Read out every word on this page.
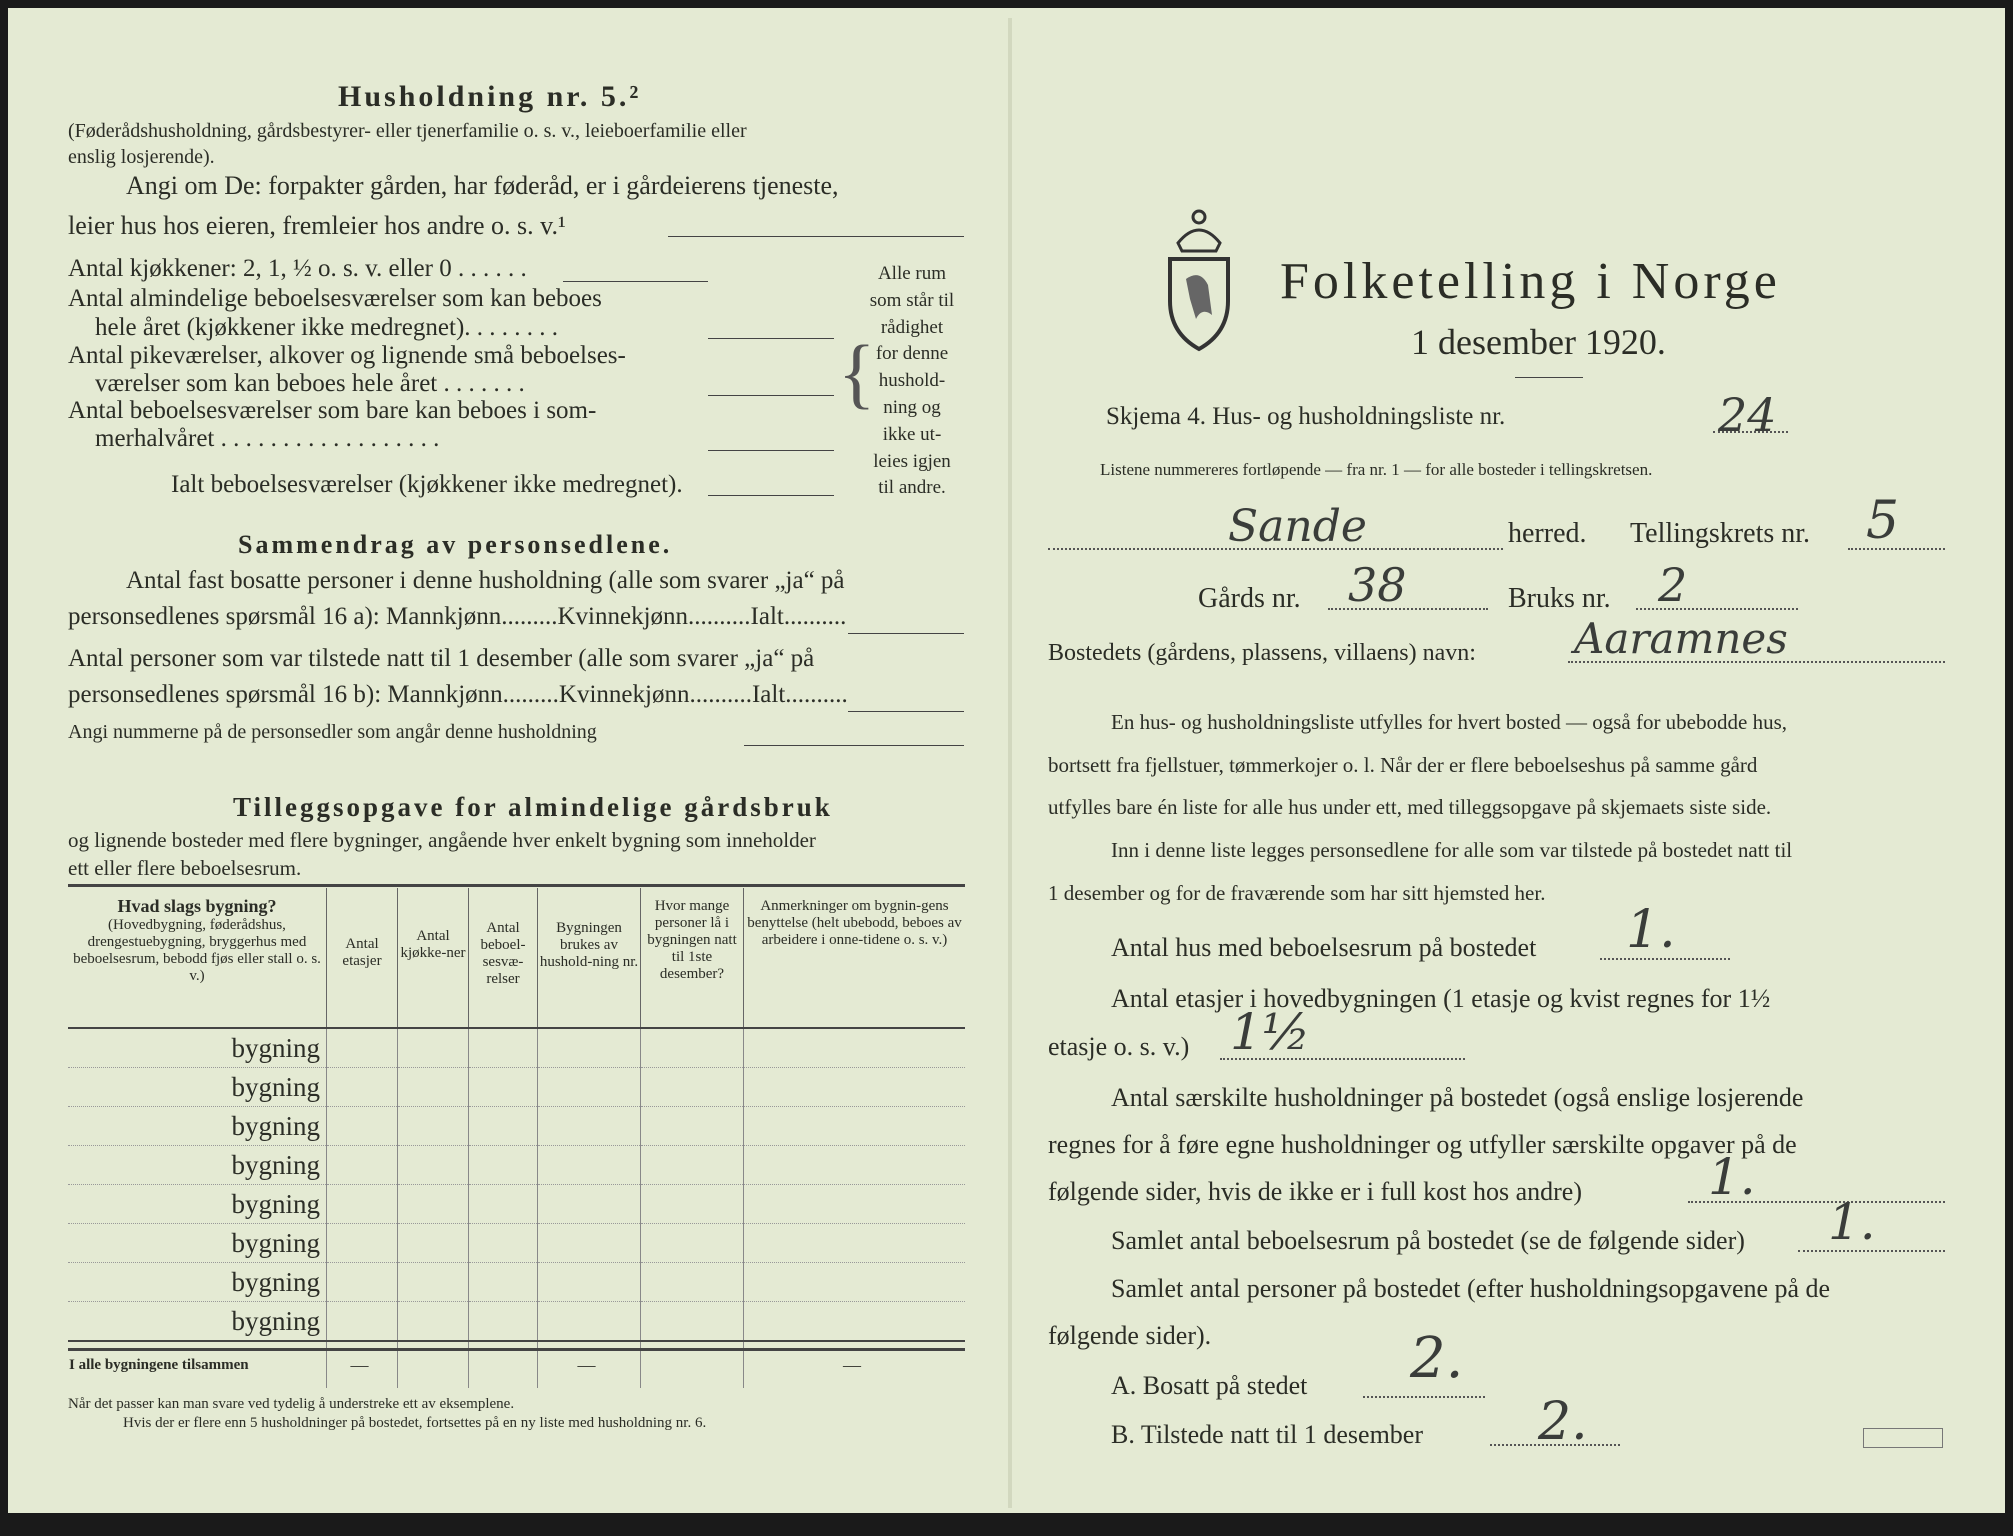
Husholdning nr. 5.²
(Føderådshusholdning, gårdsbestyrer- eller tjenerfamilie o. s. v., leieboerfamilie eller
enslig losjerende).
Angi om De: forpakter gården, har føderåd, er i gårdeierens tjeneste,
leier hus hos eieren, fremleier hos andre o. s. v.¹
Antal kjøkkener: 2, 1, ½ o. s. v. eller 0 . . . . . .
Antal almindelige beboelsesværelser som kan beboes
hele året (kjøkkener ikke medregnet). . . . . . . .
Antal pikeværelser, alkover og lignende små beboelses-
værelser som kan beboes hele året . . . . . . .
Antal beboelsesværelser som bare kan beboes i som-
merhalvåret . . . . . . . . . . . . . . . . . .
Ialt beboelsesværelser (kjøkkener ikke medregnet).
{
Alle rum
som står til
rådighet
for denne
hushold-
ning og
ikke ut-
leies igjen
til andre.
Sammendrag av personsedlene.
Antal fast bosatte personer i denne husholdning (alle som svarer „ja“ på
personsedlenes spørsmål 16 a): Mannkjønn.........Kvinnekjønn..........Ialt..........
Antal personer som var tilstede natt til 1 desember (alle som svarer „ja“ på
personsedlenes spørsmål 16 b): Mannkjønn.........Kvinnekjønn..........Ialt..........
Angi nummerne på de personsedler som angår denne husholdning
Tilleggsopgave for almindelige gårdsbruk
og lignende bosteder med flere bygninger, angående hver enkelt bygning som inneholder
ett eller flere beboelsesrum.
Hvad slags bygning?
(Hovedbygning, føderådshus, drengestuebygning, bryggerhus med beboelsesrum, bebodd fjøs eller stall o. s. v.)	Antal etasjer	Antal kjøkke-ner	Antal beboel-sesvæ-relser	Bygningen brukes av hushold-ning nr.	Hvor mange personer lå i bygningen natt til 1ste desember?	Anmerkninger om bygnin-gens benyttelse (helt ubebodd, beboes av arbeidere i onne-tidene o. s. v.)
bygning						
bygning						
bygning						
bygning						
bygning						
bygning						
bygning						
bygning						
I alle bygningene tilsammen	—			—		—
Når det passer kan man svare ved tydelig å understreke ett av eksemplene.
Hvis der er flere enn 5 husholdninger på bostedet, fortsettes på en ny liste med husholdning nr. 6.
Folketelling i Norge
1 desember 1920.
Skjema 4. Hus- og husholdningsliste nr.	24
Listene nummereres fortløpende — fra nr. 1 — for alle bosteder i tellingskretsen.
Sande	herred. Tellingskrets nr. 5
Gårds nr. 38	Bruks nr. 2
Bostedets (gårdens, plassens, villaens) navn: Aaramnes
En hus- og husholdningsliste utfylles for hvert bosted — også for ubebodde hus,
bortsett fra fjellstuer, tømmerkojer o. l. Når der er flere beboelseshus på samme gård
utfylles bare én liste for alle hus under ett, med tilleggsopgave på skjemaets siste side.
Inn i denne liste legges personsedlene for alle som var tilstede på bostedet natt til
1 desember og for de fraværende som har sitt hjemsted her.
Antal hus med beboelsesrum på bostedet 1.
Antal etasjer i hovedbygningen (1 etasje og kvist regnes for 1½
etasje o. s. v.) 1½
Antal særskilte husholdninger på bostedet (også enslige losjerende
regnes for å føre egne husholdninger og utfyller særskilte opgaver på de
følgende sider, hvis de ikke er i full kost hos andre)	1.
Samlet antal beboelsesrum på bostedet (se de følgende sider) 1.
Samlet antal personer på bostedet (efter husholdningsopgavene på de
følgende sider).
A. Bosatt på stedet 2.
B. Tilstede natt til 1 desember 2.
